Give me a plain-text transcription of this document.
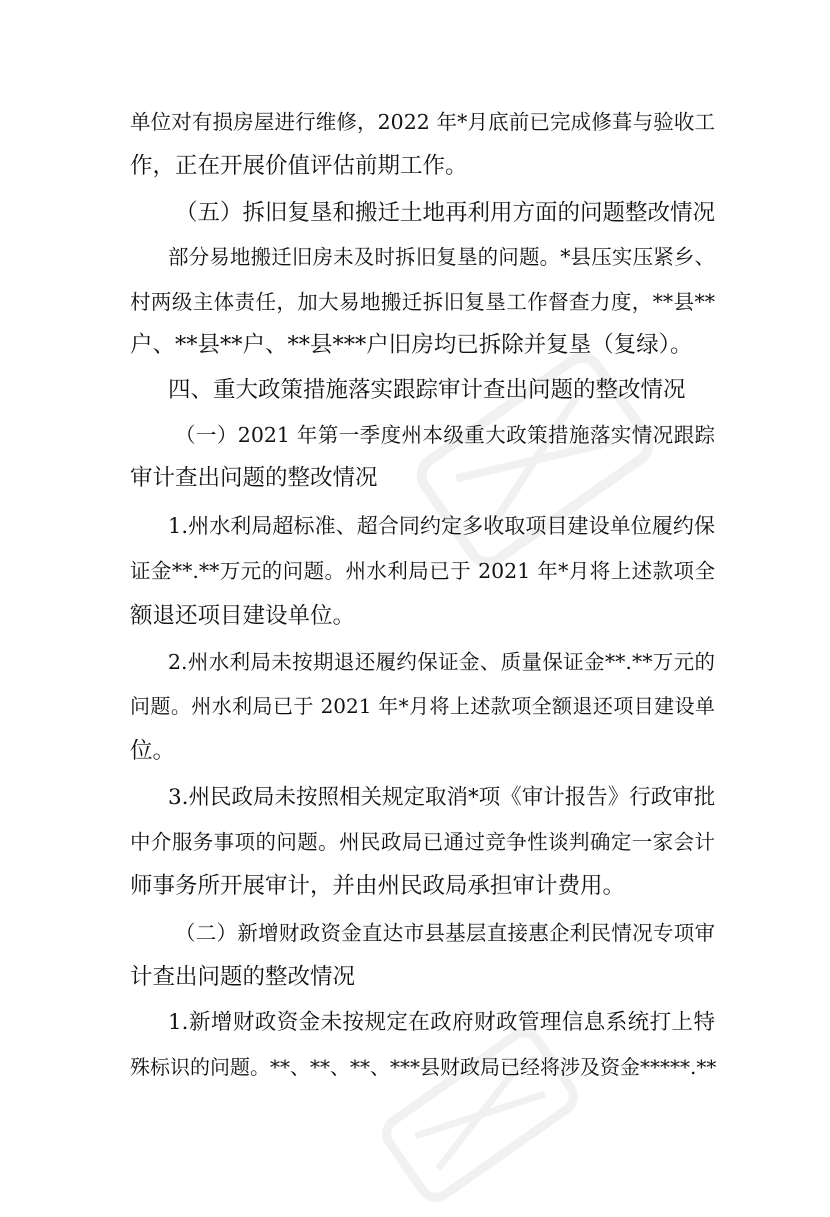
单位对有损房屋进行维修，2022 年*月底前已完成修葺与验收工
作，正在开展价值评估前期工作。
（五）拆旧复垦和搬迁土地再利用方面的问题整改情况
部分易地搬迁旧房未及时拆旧复垦的问题。*县压实压紧乡、
村两级主体责任，加大易地搬迁拆旧复垦工作督查力度，**县**
户、**县**户、**县***户旧房均已拆除并复垦（复绿）。
四、重大政策措施落实跟踪审计查出问题的整改情况
（一）2021 年第一季度州本级重大政策措施落实情况跟踪
审计查出问题的整改情况
1.州水利局超标准、超合同约定多收取项目建设单位履约保
证金**.**万元的问题。州水利局已于 2021 年*月将上述款项全
额退还项目建设单位。
2.州水利局未按期退还履约保证金、质量保证金**.**万元的
问题。州水利局已于 2021 年*月将上述款项全额退还项目建设单
位。
3.州民政局未按照相关规定取消*项《审计报告》行政审批
中介服务事项的问题。州民政局已通过竞争性谈判确定一家会计
师事务所开展审计，并由州民政局承担审计费用。
（二）新增财政资金直达市县基层直接惠企利民情况专项审
计查出问题的整改情况
1.新增财政资金未按规定在政府财政管理信息系统打上特
殊标识的问题。**、**、**、***县财政局已经将涉及资金*****.**
